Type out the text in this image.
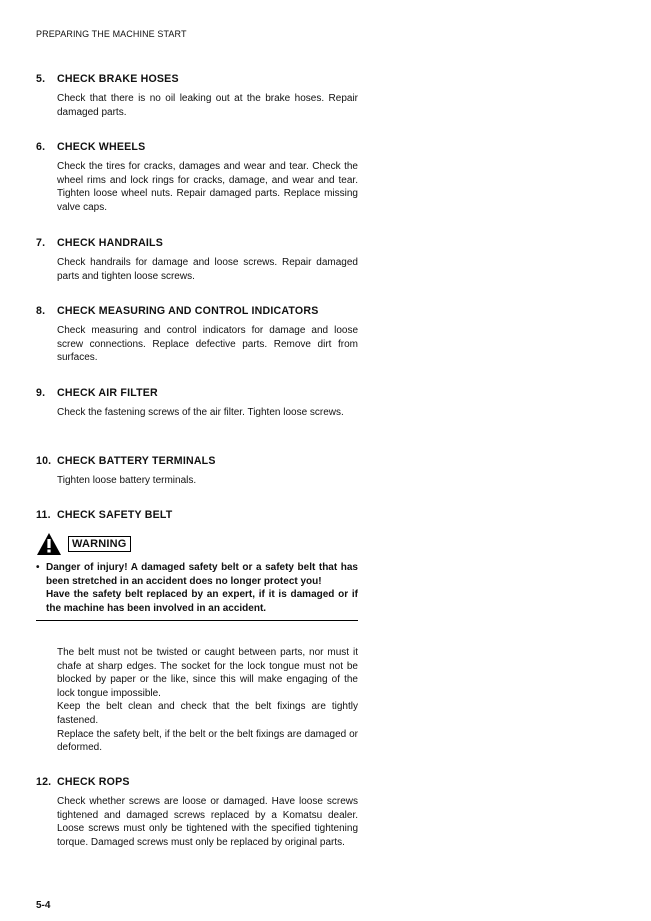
PREPARING THE MACHINE START
5. CHECK BRAKE HOSES
Check that there is no oil leaking out at the brake hoses. Repair damaged parts.
6. CHECK WHEELS
Check the tires for cracks, damages and wear and tear. Check the wheel rims and lock rings for cracks, damage, and wear and tear. Tighten loose wheel nuts. Repair damaged parts. Replace missing valve caps.
7. CHECK HANDRAILS
Check handrails for damage and loose screws. Repair damaged parts and tighten loose screws.
8. CHECK MEASURING AND CONTROL INDICATORS
Check measuring and control indicators for damage and loose screw connections. Replace defective parts. Remove dirt from surfaces.
9. CHECK AIR FILTER
Check the fastening screws of the air filter. Tighten loose screws.
10. CHECK BATTERY TERMINALS
Tighten loose battery terminals.
11. CHECK SAFETY BELT
WARNING
• Danger of injury! A damaged safety belt or a safety belt that has been stretched in an accident does no longer protect you!
Have the safety belt replaced by an expert, if it is damaged or if the machine has been involved in an accident.
The belt must not be twisted or caught between parts, nor must it chafe at sharp edges. The socket for the lock tongue must not be blocked by paper or the like, since this will make engaging of the lock tongue impossible.
Keep the belt clean and check that the belt fixings are tightly fastened.
Replace the safety belt, if the belt or the belt fixings are damaged or deformed.
12. CHECK ROPS
Check whether screws are loose or damaged. Have loose screws tightened and damaged screws replaced by a Komatsu dealer. Loose screws must only be tightened with the specified tightening torque. Damaged screws must only be replaced by original parts.
5-4
